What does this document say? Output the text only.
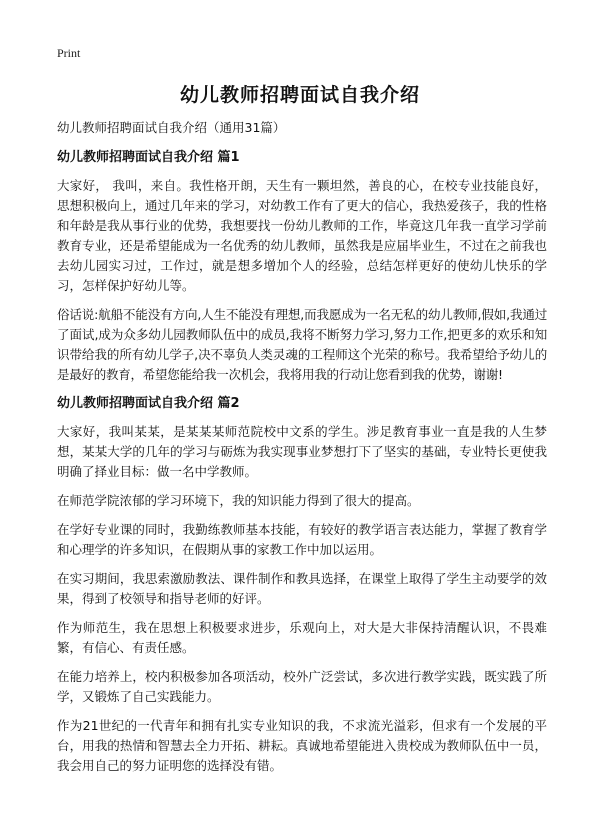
Print
幼儿教师招聘面试自我介绍

幼儿教师招聘面试自我介绍（通用31篇）

幼儿教师招聘面试自我介绍 篇1

大家好， 我叫，来自。我性格开朗，天生有一颗坦然，善良的心，在校专业技能良好，思想积极向上，通过几年来的学习，对幼教工作有了更大的信心，我热爱孩子，我的性格和年龄是我从事行业的优势，我想要找一份幼儿教师的工作，毕竟这几年我一直学习学前教育专业，还是希望能成为一名优秀的幼儿教师，虽然我是应届毕业生，不过在之前我也去幼儿园实习过，工作过，就是想多增加个人的经验，总结怎样更好的使幼儿快乐的学习，怎样保护好幼儿等。

俗话说:航船不能没有方向,人生不能没有理想,而我愿成为一名无私的幼儿教师,假如,我通过了面试,成为众多幼儿园教师队伍中的成员,我将不断努力学习,努力工作,把更多的欢乐和知识带给我的所有幼儿学子,决不辜负人类灵魂的工程师这个光荣的称号。我希望给予幼儿的是最好的教育，希望您能给我一次机会，我将用我的行动让您看到我的优势，谢谢!

幼儿教师招聘面试自我介绍 篇2

大家好，我叫某某，是某某某师范院校中文系的学生。涉足教育事业一直是我的人生梦想，某某大学的几年的学习与砺炼为我实现事业梦想打下了坚实的基础，专业特长更使我明确了择业目标：做一名中学教师。

在师范学院浓郁的学习环境下，我的知识能力得到了很大的提高。

在学好专业课的同时，我勤练教师基本技能，有较好的教学语言表达能力，掌握了教育学和心理学的许多知识，在假期从事的家教工作中加以运用。

在实习期间，我思索激励教法、课件制作和教具选择，在课堂上取得了学生主动要学的效果，得到了校领导和指导老师的好评。

作为师范生，我在思想上积极要求进步，乐观向上，对大是大非保持清醒认识，不畏难繁，有信心、有责任感。

在能力培养上，校内积极参加各项活动，校外广泛尝试，多次进行教学实践，既实践了所学，又锻炼了自己实践能力。

作为21世纪的一代青年和拥有扎实专业知识的我，不求流光溢彩，但求有一个发展的平台，用我的热情和智慧去全力开拓、耕耘。真诚地希望能进入贵校成为教师队伍中一员，我会用自己的努力证明您的选择没有错。
